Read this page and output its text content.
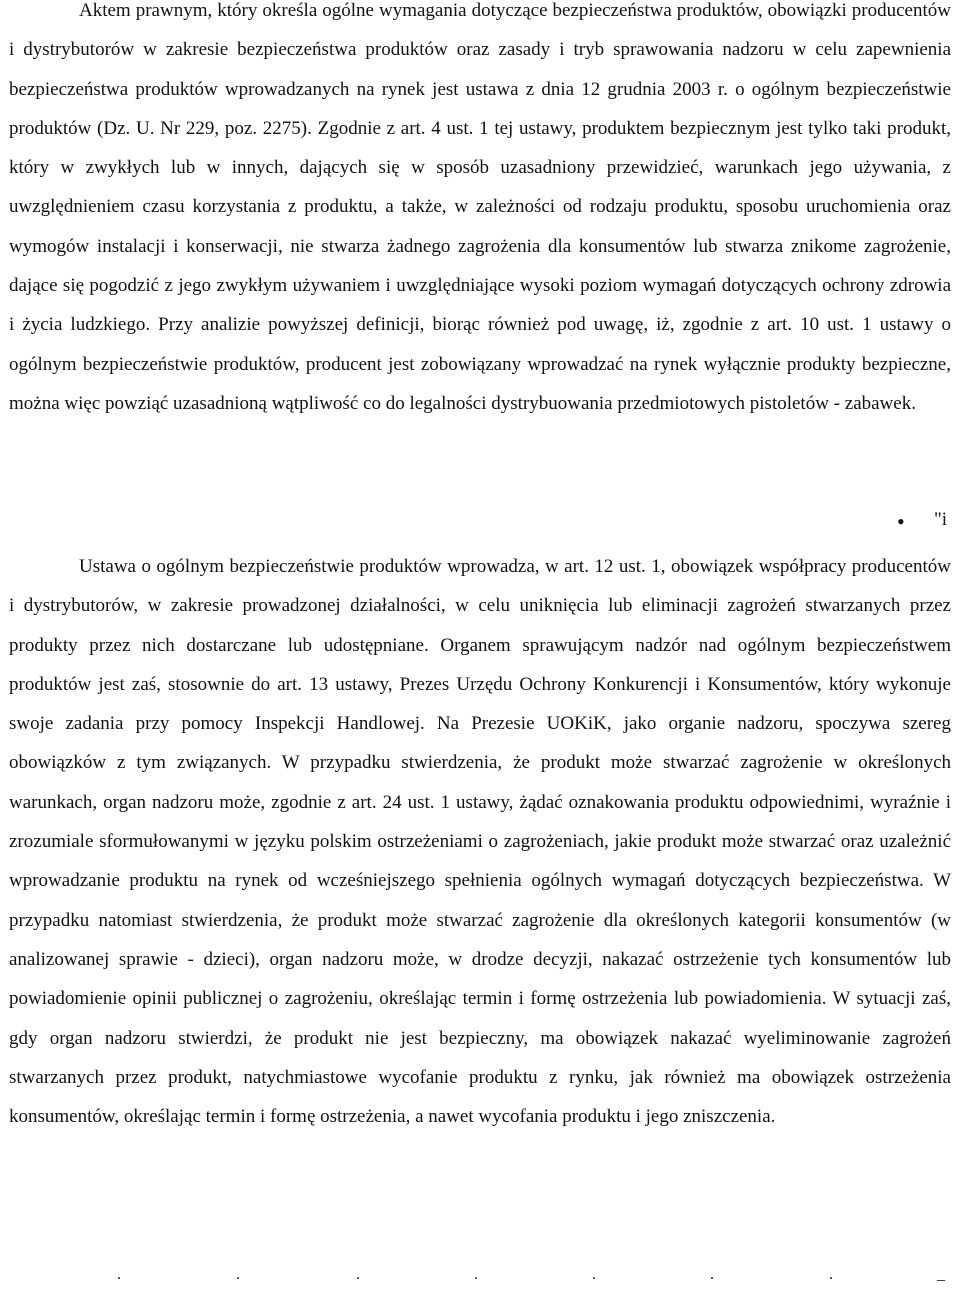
Aktem prawnym, który określa ogólne wymagania dotyczące bezpieczeństwa produktów, obowiązki producentów i dystrybutorów w zakresie bezpieczeństwa produktów oraz zasady i tryb sprawowania nadzoru w celu zapewnienia bezpieczeństwa produktów wprowadzanych na rynek jest ustawa z dnia 12 grudnia 2003 r. o ogólnym bezpieczeństwie produktów (Dz. U. Nr 229, poz. 2275). Zgodnie z art. 4 ust. 1 tej ustawy, produktem bezpiecznym jest tylko taki produkt, który w zwykłych lub w innych, dających się w sposób uzasadniony przewidzieć, warunkach jego używania, z uwzględnieniem czasu korzystania z produktu, a także, w zależności od rodzaju produktu, sposobu uruchomienia oraz wymogów instalacji i konserwacji, nie stwarza żadnego zagrożenia dla konsumentów lub stwarza znikome zagrożenie, dające się pogodzić z jego zwykłym używaniem i uwzględniające wysoki poziom wymagań dotyczących ochrony zdrowia i życia ludzkiego. Przy analizie powyższej definicji, biorąc również pod uwagę, iż, zgodnie z art. 10 ust. 1 ustawy o ogólnym bezpieczeństwie produktów, producent jest zobowiązany wprowadzać na rynek wyłącznie produkty bezpieczne, można więc powziąć uzasadnioną wątpliwość co do legalności dystrybuowania przedmiotowych pistoletów - zabawek.

• "i

Ustawa o ogólnym bezpieczeństwie produktów wprowadza, w art. 12 ust. 1, obowiązek współpracy producentów i dystrybutorów, w zakresie prowadzonej działalności, w celu uniknięcia lub eliminacji zagrożeń stwarzanych przez produkty przez nich dostarczane lub udostępniane. Organem sprawującym nadzór nad ogólnym bezpieczeństwem produktów jest zaś, stosownie do art. 13 ustawy, Prezes Urzędu Ochrony Konkurencji i Konsumentów, który wykonuje swoje zadania przy pomocy Inspekcji Handlowej. Na Prezesie UOKiK, jako organie nadzoru, spoczywa szereg obowiązków z tym związanych. W przypadku stwierdzenia, że produkt może stwarzać zagrożenie w określonych warunkach, organ nadzoru może, zgodnie z art. 24 ust. 1 ustawy, żądać oznakowania produktu odpowiednimi, wyraźnie i zrozumiale sformułowanymi w języku polskim ostrzeżeniami o zagrożeniach, jakie produkt może stwarzać oraz uzależnić wprowadzanie produktu na rynek od wcześniejszego spełnienia ogólnych wymagań dotyczących bezpieczeństwa. W przypadku natomiast stwierdzenia, że produkt może stwarzać zagrożenie dla określonych kategorii konsumentów (w analizowanej sprawie - dzieci), organ nadzoru może, w drodze decyzji, nakazać ostrzeżenie tych konsumentów lub powiadomienie opinii publicznej o zagrożeniu, określając termin i formę ostrzeżenia lub powiadomienia. W sytuacji zaś, gdy organ nadzoru stwierdzi, że produkt nie jest bezpieczny, ma obowiązek nakazać wyeliminowanie zagrożeń stwarzanych przez produkt, natychmiastowe wycofanie produktu z rynku, jak również ma obowiązek ostrzeżenia konsumentów, określając termin i formę ostrzeżenia, a nawet wycofania produktu i jego zniszczenia.

.	.	.	.	.	.	.	_
